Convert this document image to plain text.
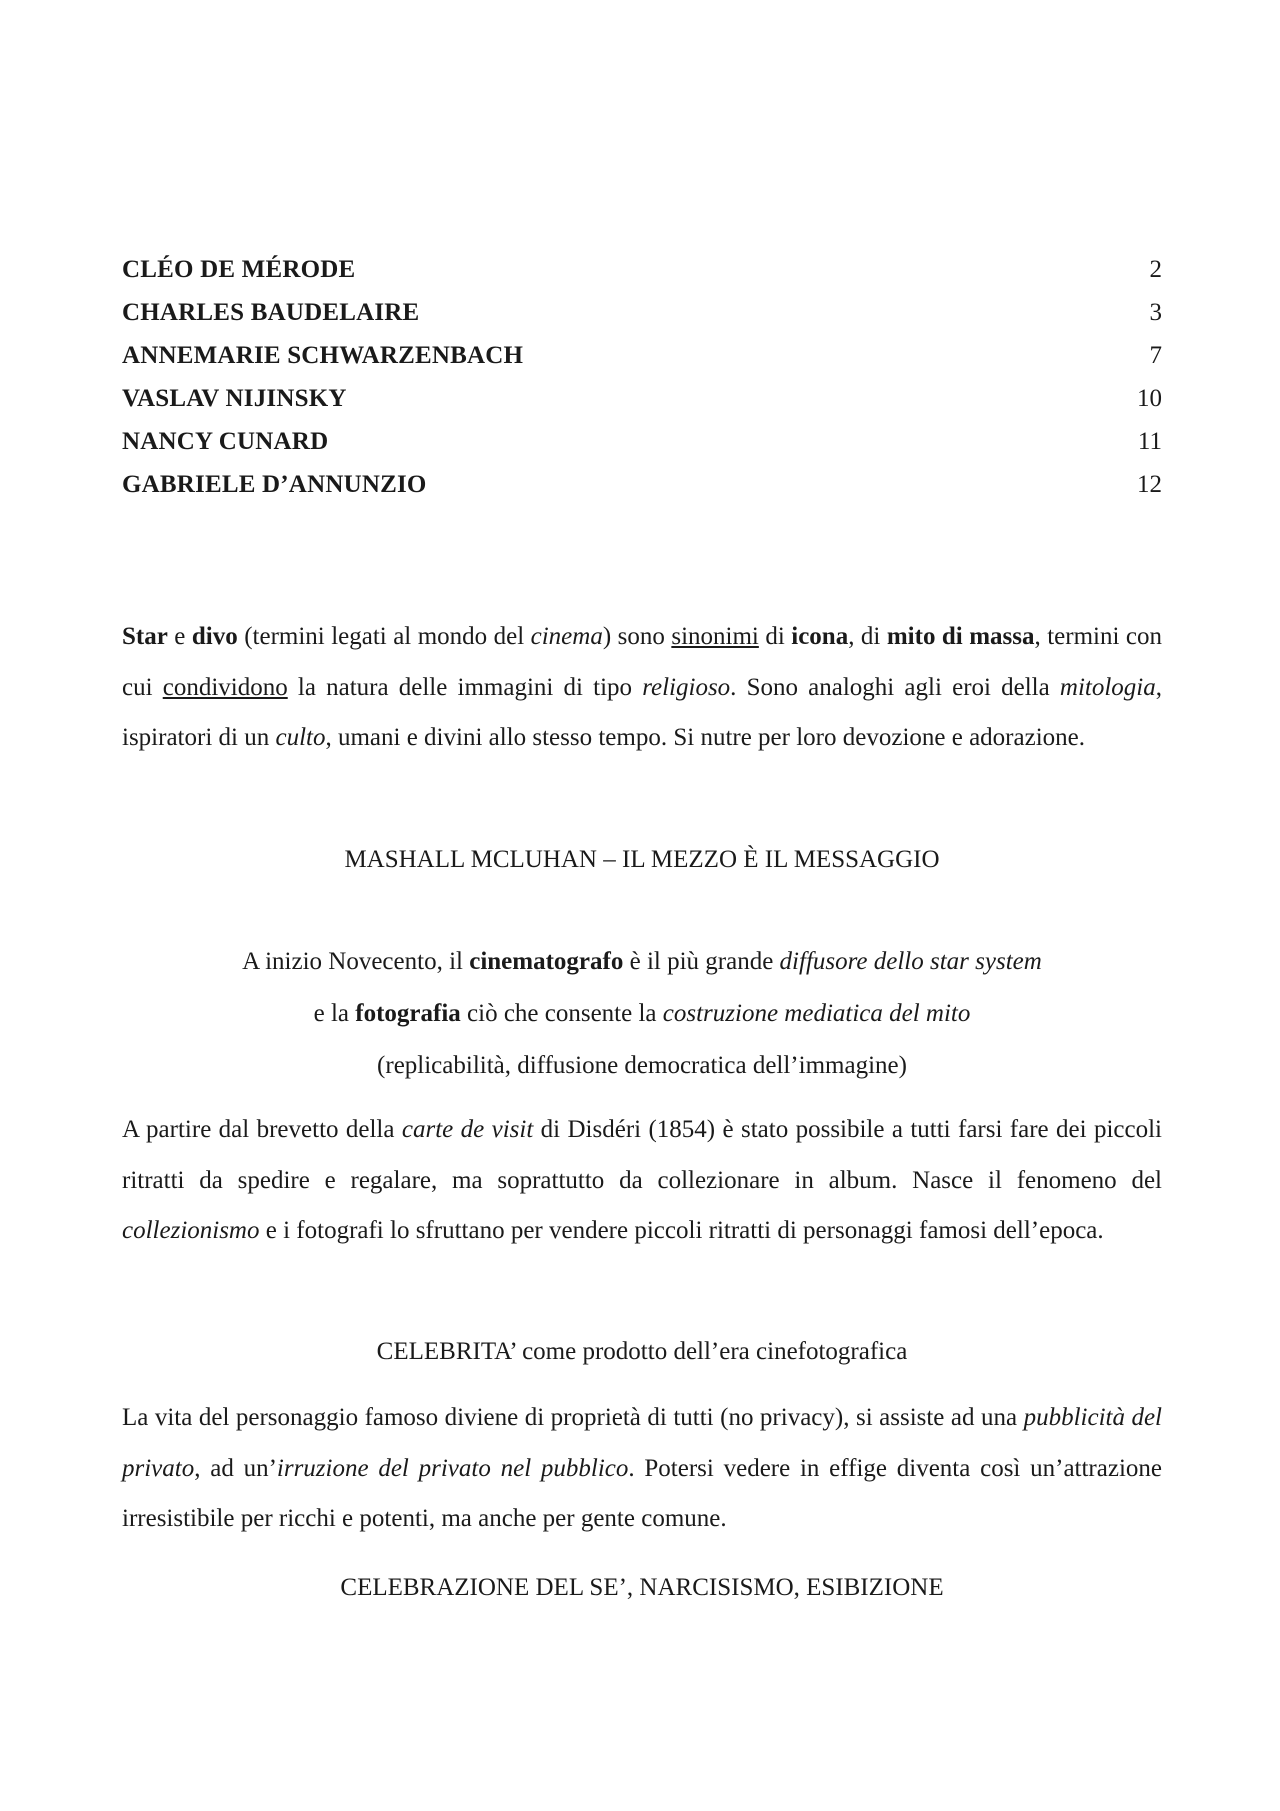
CLÉO DE MÉRODE	2
CHARLES BAUDELAIRE	3
ANNEMARIE SCHWARZENBACH	7
VASLAV NIJINSKY	10
NANCY CUNARD	11
GABRIELE D’ANNUNZIO	12

Star e divo (termini legati al mondo del cinema) sono sinonimi di icona, di mito di massa, termini con cui condividono la natura delle immagini di tipo religioso. Sono analoghi agli eroi della mitologia, ispiratori di un culto, umani e divini allo stesso tempo. Si nutre per loro devozione e adorazione.

MASHALL MCLUHAN – IL MEZZO È IL MESSAGGIO

A inizio Novecento, il cinematografo è il più grande diffusore dello star system
e la fotografia ciò che consente la costruzione mediatica del mito
(replicabilità, diffusione democratica dell’immagine)

A partire dal brevetto della carte de visit di Disdéri (1854) è stato possibile a tutti farsi fare dei piccoli ritratti da spedire e regalare, ma soprattutto da collezionare in album. Nasce il fenomeno del collezionismo e i fotografi lo sfruttano per vendere piccoli ritratti di personaggi famosi dell’epoca.

CELEBRITA’ come prodotto dell’era cinefotografica

La vita del personaggio famoso diviene di proprietà di tutti (no privacy), si assiste ad una pubblicità del privato, ad un’irruzione del privato nel pubblico. Potersi vedere in effige diventa così un’attrazione irresistibile per ricchi e potenti, ma anche per gente comune.

CELEBRAZIONE DEL SE’, NARCISISMO, ESIBIZIONE
